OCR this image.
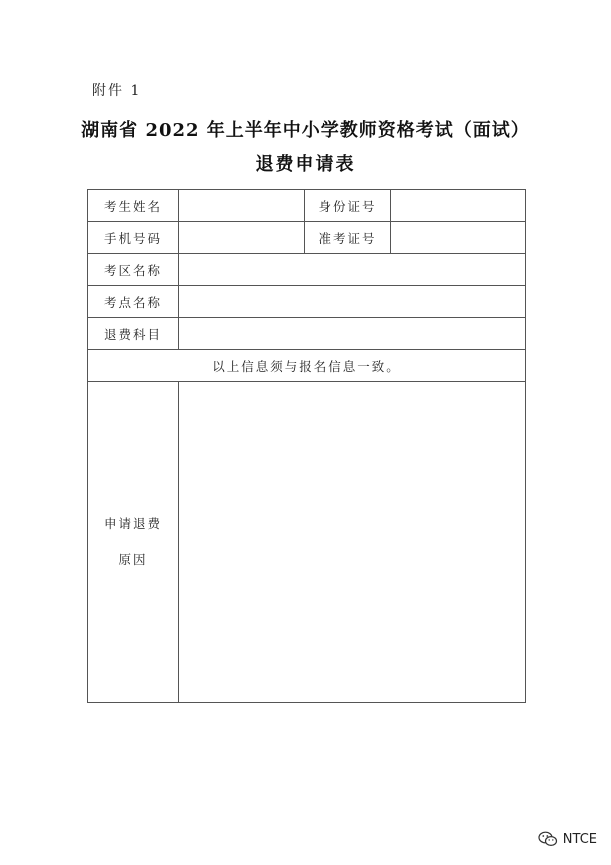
附件 1
湖南省 2022 年上半年中小学教师资格考试（面试）
退费申请表
考生姓名		身份证号	
手机号码		准考证号	
考区名称			
考点名称			
退费科目			
以上信息须与报名信息一致。			

申请退费
原因			

NTCE
